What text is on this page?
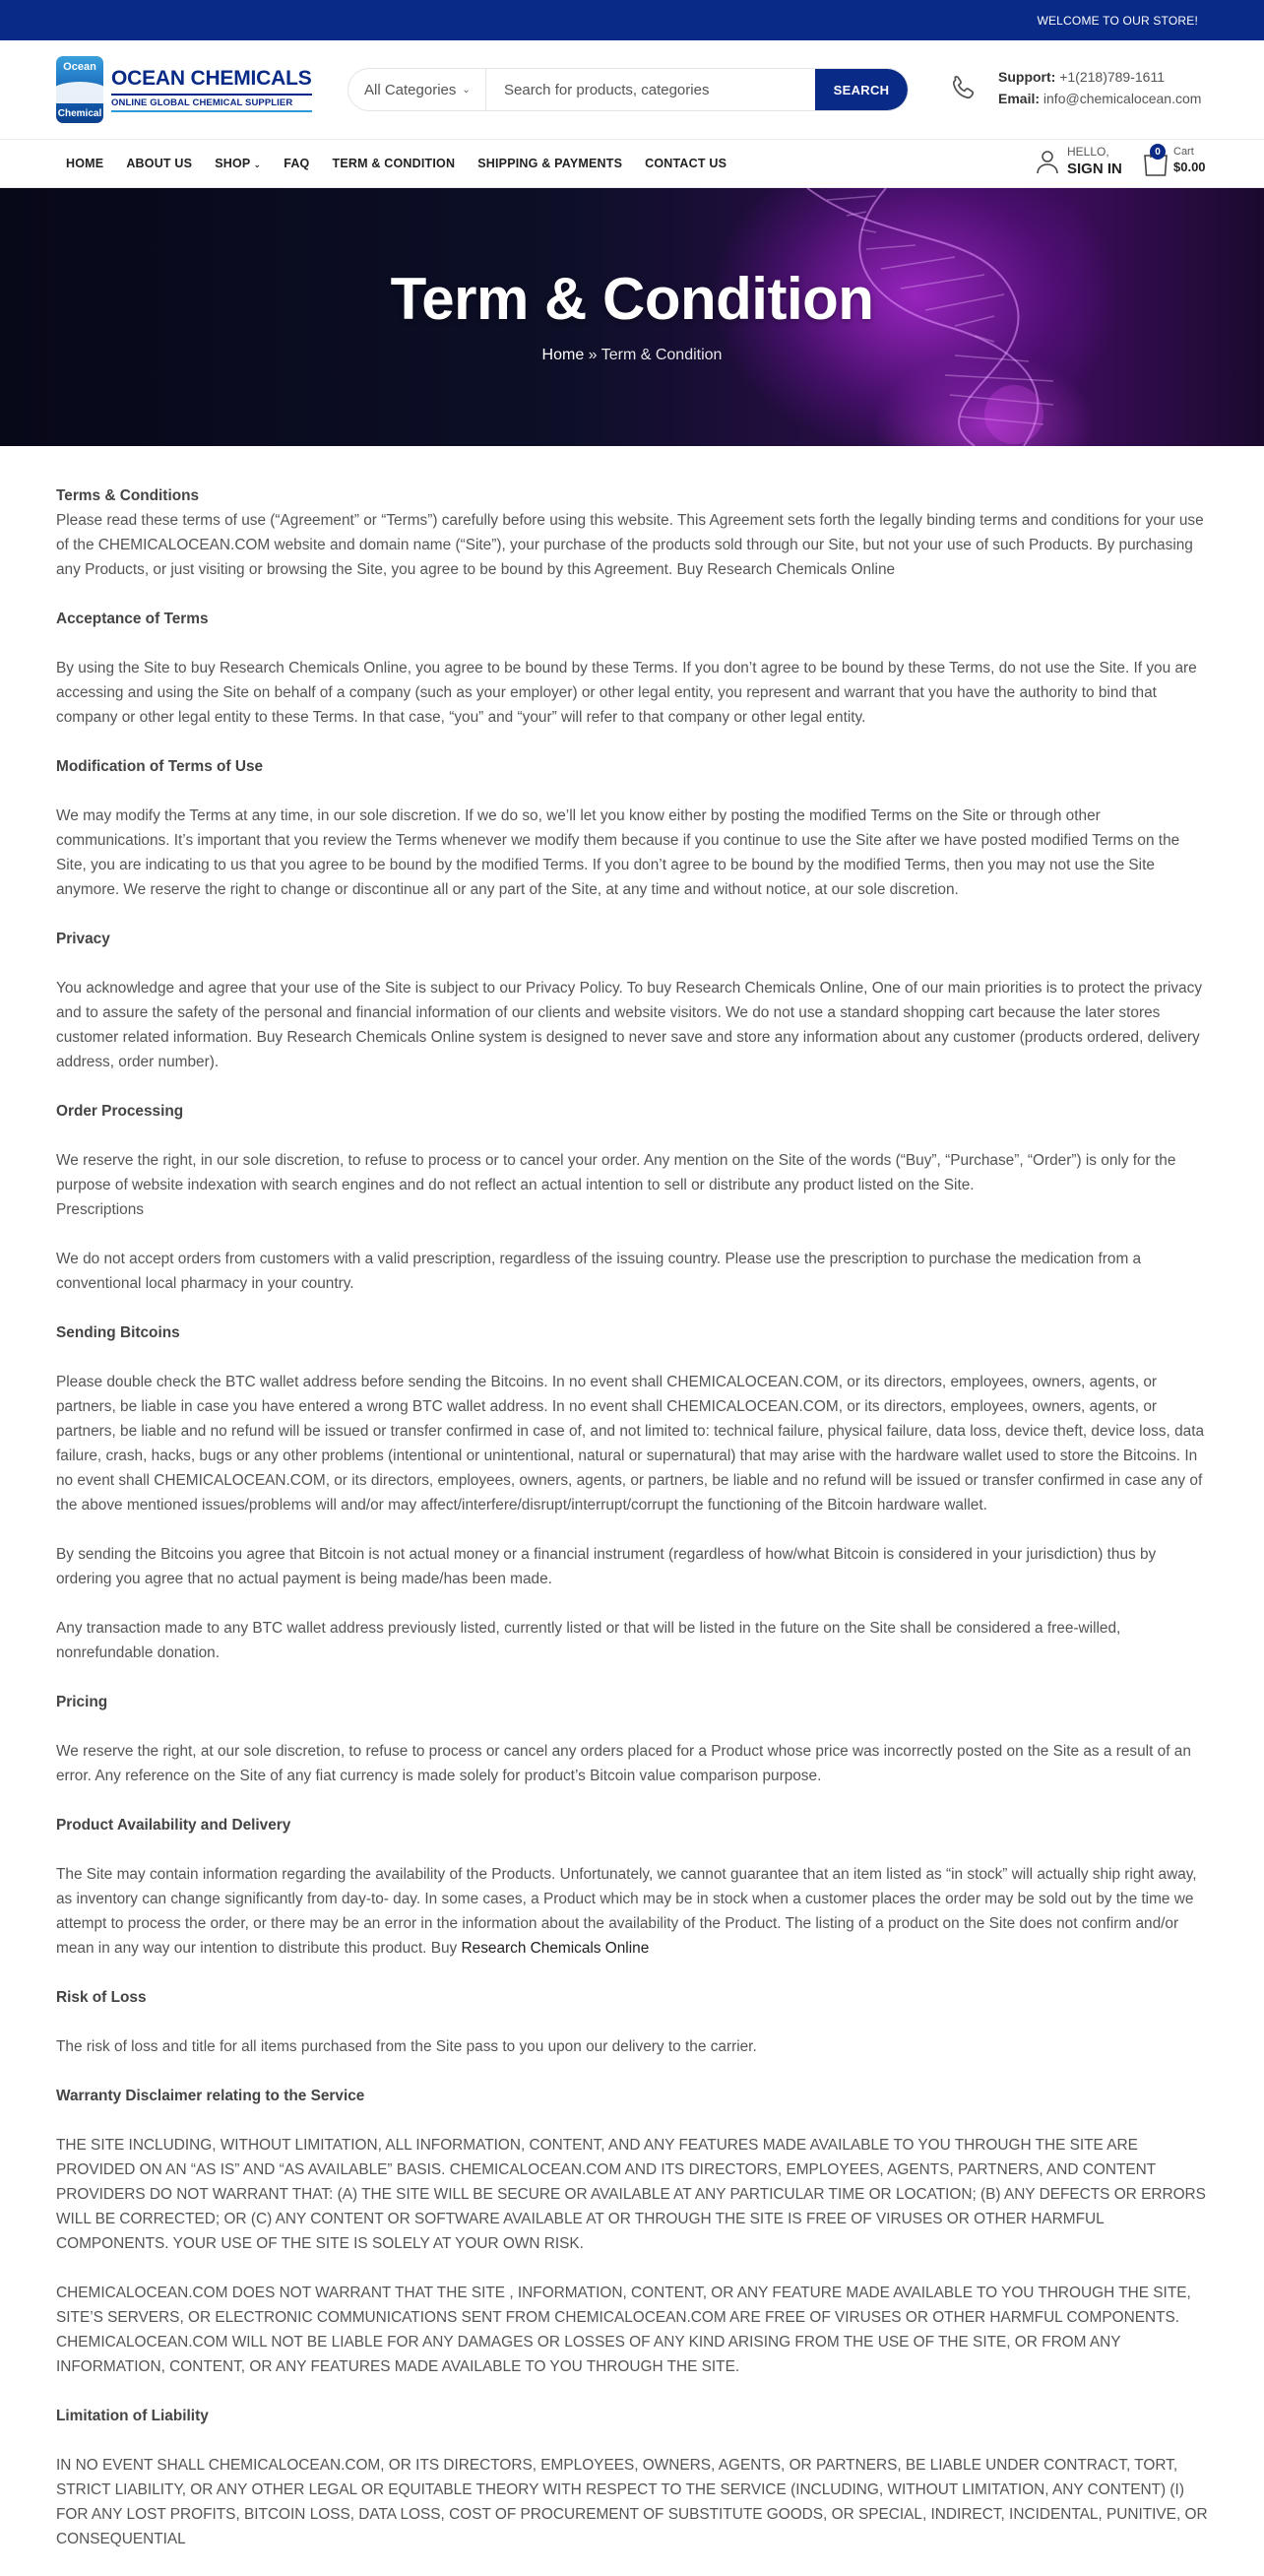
WELCOME TO OUR STORE!
Ocean
Chemical
OCEAN CHEMICALS
ONLINE GLOBAL CHEMICAL SUPPLIER
All Categories ⌄
Search for products, categories	SEARCH
Support: +1(218)789-1611
Email: info@chemicalocean.com
HOME ABOUT US SHOP ⌄ FAQ TERM & CONDITION SHIPPING & PAYMENTS CONTACT US
HELLO,
SIGN IN
0	Cart
$0.00
Term & Condition
Home » Term & Condition
Terms & Conditions

Please read these terms of use (“Agreement” or “Terms”) carefully before using this website. This Agreement sets forth the legally binding terms and conditions for your use of the CHEMICALOCEAN.COM website and domain name (“Site”), your purchase of the products sold through our Site, but not your use of such Products. By purchasing any Products, or just visiting or browsing the Site, you agree to be bound by this Agreement. Buy Research Chemicals Online

Acceptance of Terms

By using the Site to buy Research Chemicals Online, you agree to be bound by these Terms. If you don’t agree to be bound by these Terms, do not use the Site. If you are accessing and using the Site on behalf of a company (such as your employer) or other legal entity, you represent and warrant that you have the authority to bind that company or other legal entity to these Terms. In that case, “you” and “your” will refer to that company or other legal entity.

Modification of Terms of Use

We may modify the Terms at any time, in our sole discretion. If we do so, we’ll let you know either by posting the modified Terms on the Site or through other communications. It’s important that you review the Terms whenever we modify them because if you continue to use the Site after we have posted modified Terms on the Site, you are indicating to us that you agree to be bound by the modified Terms. If you don’t agree to be bound by the modified Terms, then you may not use the Site anymore. We reserve the right to change or discontinue all or any part of the Site, at any time and without notice, at our sole discretion.

Privacy

You acknowledge and agree that your use of the Site is subject to our Privacy Policy. To buy Research Chemicals Online, One of our main priorities is to protect the privacy and to assure the safety of the personal and financial information of our clients and website visitors. We do not use a standard shopping cart because the later stores customer related information. Buy Research Chemicals Online system is designed to never save and store any information about any customer (products ordered, delivery address, order number).

Order Processing

We reserve the right, in our sole discretion, to refuse to process or to cancel your order. Any mention on the Site of the words (“Buy”, “Purchase”, “Order”) is only for the purpose of website indexation with search engines and do not reflect an actual intention to sell or distribute any product listed on the Site.

Prescriptions

We do not accept orders from customers with a valid prescription, regardless of the issuing country. Please use the prescription to purchase the medication from a conventional local pharmacy in your country.

Sending Bitcoins

Please double check the BTC wallet address before sending the Bitcoins. In no event shall CHEMICALOCEAN.COM, or its directors, employees, owners, agents, or partners, be liable in case you have entered a wrong BTC wallet address. In no event shall CHEMICALOCEAN.COM, or its directors, employees, owners, agents, or partners, be liable and no refund will be issued or transfer confirmed in case of, and not limited to: technical failure, physical failure, data loss, device theft, device loss, data failure, crash, hacks, bugs or any other problems (intentional or unintentional, natural or supernatural) that may arise with the hardware wallet used to store the Bitcoins. In no event shall CHEMICALOCEAN.COM, or its directors, employees, owners, agents, or partners, be liable and no refund will be issued or transfer confirmed in case any of the above mentioned issues/problems will and/or may affect/interfere/disrupt/interrupt/corrupt the functioning of the Bitcoin hardware wallet.

By sending the Bitcoins you agree that Bitcoin is not actual money or a financial instrument (regardless of how/what Bitcoin is considered in your jurisdiction) thus by ordering you agree that no actual payment is being made/has been made.

Any transaction made to any BTC wallet address previously listed, currently listed or that will be listed in the future on the Site shall be considered a free-willed, nonrefundable donation.

Pricing

We reserve the right, at our sole discretion, to refuse to process or cancel any orders placed for a Product whose price was incorrectly posted on the Site as a result of an error. Any reference on the Site of any fiat currency is made solely for product’s Bitcoin value comparison purpose.

Product Availability and Delivery

The Site may contain information regarding the availability of the Products. Unfortunately, we cannot guarantee that an item listed as “in stock” will actually ship right away, as inventory can change significantly from day-to- day. In some cases, a Product which may be in stock when a customer places the order may be sold out by the time we attempt to process the order, or there may be an error in the information about the availability of the Product. The listing of a product on the Site does not confirm and/or mean in any way our intention to distribute this product. Buy Research Chemicals Online

Risk of Loss

The risk of loss and title for all items purchased from the Site pass to you upon our delivery to the carrier.

Warranty Disclaimer relating to the Service

THE SITE INCLUDING, WITHOUT LIMITATION, ALL INFORMATION, CONTENT, AND ANY FEATURES MADE AVAILABLE TO YOU THROUGH THE SITE ARE PROVIDED ON AN “AS IS” AND “AS AVAILABLE” BASIS. CHEMICALOCEAN.COM AND ITS DIRECTORS, EMPLOYEES, AGENTS, PARTNERS, AND CONTENT PROVIDERS DO NOT WARRANT THAT: (A) THE SITE WILL BE SECURE OR AVAILABLE AT ANY PARTICULAR TIME OR LOCATION; (B) ANY DEFECTS OR ERRORS WILL BE CORRECTED; OR (C) ANY CONTENT OR SOFTWARE AVAILABLE AT OR THROUGH THE SITE IS FREE OF VIRUSES OR OTHER HARMFUL COMPONENTS. YOUR USE OF THE SITE IS SOLELY AT YOUR OWN RISK.

CHEMICALOCEAN.COM DOES NOT WARRANT THAT THE SITE , INFORMATION, CONTENT, OR ANY FEATURE MADE AVAILABLE TO YOU THROUGH THE SITE, SITE’S SERVERS, OR ELECTRONIC COMMUNICATIONS SENT FROM CHEMICALOCEAN.COM ARE FREE OF VIRUSES OR OTHER HARMFUL COMPONENTS. CHEMICALOCEAN.COM WILL NOT BE LIABLE FOR ANY DAMAGES OR LOSSES OF ANY KIND ARISING FROM THE USE OF THE SITE, OR FROM ANY INFORMATION, CONTENT, OR ANY FEATURES MADE AVAILABLE TO YOU THROUGH THE SITE.

Limitation of Liability

IN NO EVENT SHALL CHEMICALOCEAN.COM, OR ITS DIRECTORS, EMPLOYEES, OWNERS, AGENTS, OR PARTNERS, BE LIABLE UNDER CONTRACT, TORT, STRICT LIABILITY, OR ANY OTHER LEGAL OR EQUITABLE THEORY WITH RESPECT TO THE SERVICE (INCLUDING, WITHOUT LIMITATION, ANY CONTENT) (I) FOR ANY LOST PROFITS, BITCOIN LOSS, DATA LOSS, COST OF PROCUREMENT OF SUBSTITUTE GOODS, OR SPECIAL, INDIRECT, INCIDENTAL, PUNITIVE, OR CONSEQUENTIAL
